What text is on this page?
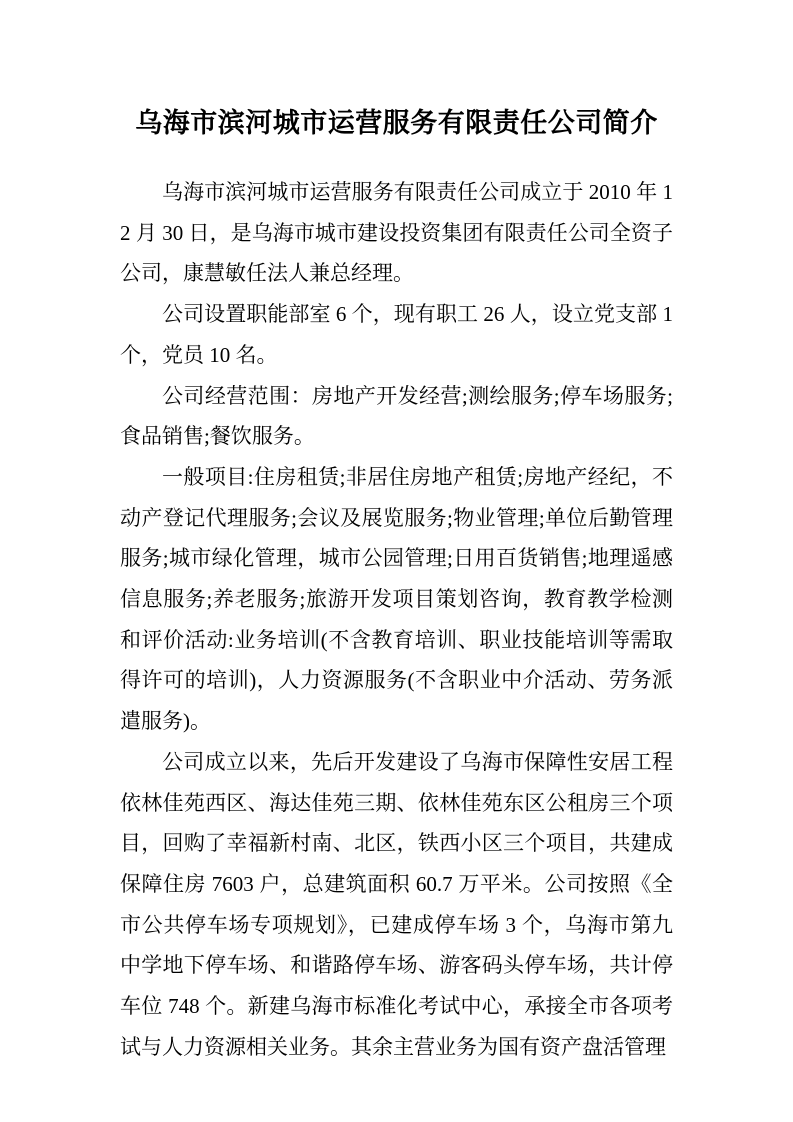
乌海市滨河城市运营服务有限责任公司简介

乌海市滨河城市运营服务有限责任公司成立于 2010 年 12 月 30 日，是乌海市城市建设投资集团有限责任公司全资子公司，康慧敏任法人兼总经理。

公司设置职能部室 6 个，现有职工 26 人，设立党支部 1 个，党员 10 名。

公司经营范围：房地产开发经营;测绘服务;停车场服务;食品销售;餐饮服务。

一般项目:住房租赁;非居住房地产租赁;房地产经纪，不动产登记代理服务;会议及展览服务;物业管理;单位后勤管理服务;城市绿化管理，城市公园管理;日用百货销售;地理遥感信息服务;养老服务;旅游开发项目策划咨询，教育教学检测和评价活动:业务培训(不含教育培训、职业技能培训等需取得许可的培训)，人力资源服务(不含职业中介活动、劳务派遣服务)。

公司成立以来，先后开发建设了乌海市保障性安居工程依林佳苑西区、海达佳苑三期、依林佳苑东区公租房三个项目，回购了幸福新村南、北区，铁西小区三个项目，共建成保障住房 7603 户，总建筑面积 60.7 万平米。公司按照《全市公共停车场专项规划》，已建成停车场 3 个，乌海市第九中学地下停车场、和谐路停车场、游客码头停车场，共计停车位 748 个。新建乌海市标准化考试中心，承接全市各项考试与人力资源相关业务。其余主营业务为国有资产盘活管理
